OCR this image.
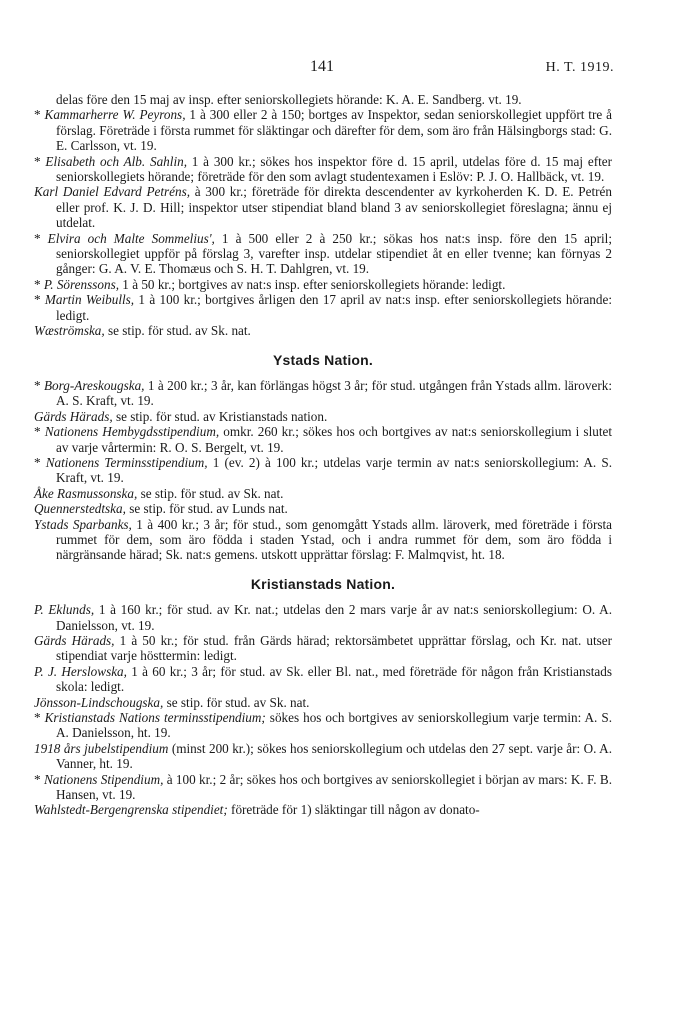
141	H. T. 1919.

delas före den 15 maj av insp. efter seniorskollegiets hörande: K. A. E. Sandberg. vt. 19.

* Kammarherre W. Peyrons, 1 à 300 eller 2 à 150; bortges av Inspektor, sedan seniorskollegiet uppfört tre å förslag. Företräde i första rummet för släktingar och därefter för dem, som äro från Hälsingborgs stad: G. E. Carlsson, vt. 19.

* Elisabeth och Alb. Sahlin, 1 à 300 kr.; sökes hos inspektor före d. 15 april, utdelas före d. 15 maj efter seniorskollegiets hörande; företräde för den som avlagt studentexamen i Eslöv: P. J. O. Hallbäck, vt. 19.

Karl Daniel Edvard Petréns, à 300 kr.; företräde för direkta descendenter av kyrkoherden K. D. E. Petrén eller prof. K. J. D. Hill; inspektor utser stipendiat bland bland 3 av seniorskollegiet föreslagna; ännu ej utdelat.

* Elvira och Malte Sommelius', 1 à 500 eller 2 à 250 kr.; sökas hos nat:s insp. före den 15 april; seniorskollegiet uppför på förslag 3, varefter insp. utdelar stipendiet åt en eller tvenne; kan förnyas 2 gånger: G. A. V. E. Thomæus och S. H. T. Dahlgren, vt. 19.

* P. Sörenssons, 1 à 50 kr.; bortgives av nat:s insp. efter seniorskollegiets hörande: ledigt.

* Martin Weibulls, 1 à 100 kr.; bortgives årligen den 17 april av nat:s insp. efter seniorskollegiets hörande: ledigt.

Wæströmska, se stip. för stud. av Sk. nat.

Ystads Nation.

* Borg-Areskougska, 1 à 200 kr.; 3 år, kan förlängas högst 3 år; för stud. utgången från Ystads allm. läroverk: A. S. Kraft, vt. 19.

Gärds Härads, se stip. för stud. av Kristianstads nation.

* Nationens Hembygdsstipendium, omkr. 260 kr.; sökes hos och bortgives av nat:s seniorskollegium i slutet av varje vårtermin: R. O. S. Bergelt, vt. 19.

* Nationens Terminsstipendium, 1 (ev. 2) à 100 kr.; utdelas varje termin av nat:s seniorskollegium: A. S. Kraft, vt. 19.

Åke Rasmussonska, se stip. för stud. av Sk. nat.

Quennerstedtska, se stip. för stud. av Lunds nat.

Ystads Sparbanks, 1 à 400 kr.; 3 år; för stud., som genomgått Ystads allm. läroverk, med företräde i första rummet för dem, som äro födda i staden Ystad, och i andra rummet för dem, som äro födda i närgränsande härad; Sk. nat:s gemens. utskott upprättar förslag: F. Malmqvist, ht. 18.

Kristianstads Nation.

P. Eklunds, 1 à 160 kr.; för stud. av Kr. nat.; utdelas den 2 mars varje år av nat:s seniorskollegium: O. A. Danielsson, vt. 19.

Gärds Härads, 1 à 50 kr.; för stud. från Gärds härad; rektorsämbetet upprättar förslag, och Kr. nat. utser stipendiat varje hösttermin: ledigt.

P. J. Herslowska, 1 à 60 kr.; 3 år; för stud. av Sk. eller Bl. nat., med företräde för någon från Kristianstads skola: ledigt.

Jönsson-Lindschougska, se stip. för stud. av Sk. nat.

* Kristianstads Nations terminsstipendium; sökes hos och bortgives av seniorskollegium varje termin: A. S. A. Danielsson, ht. 19.

1918 års jubelstipendium (minst 200 kr.); sökes hos seniorskollegium och utdelas den 27 sept. varje år: O. A. Vanner, ht. 19.

* Nationens Stipendium, à 100 kr.; 2 år; sökes hos och bortgives av seniorskollegiet i början av mars: K. F. B. Hansen, vt. 19.

Wahlstedt-Bergengrenska stipendiet; företräde för 1) släktingar till någon av donato-
